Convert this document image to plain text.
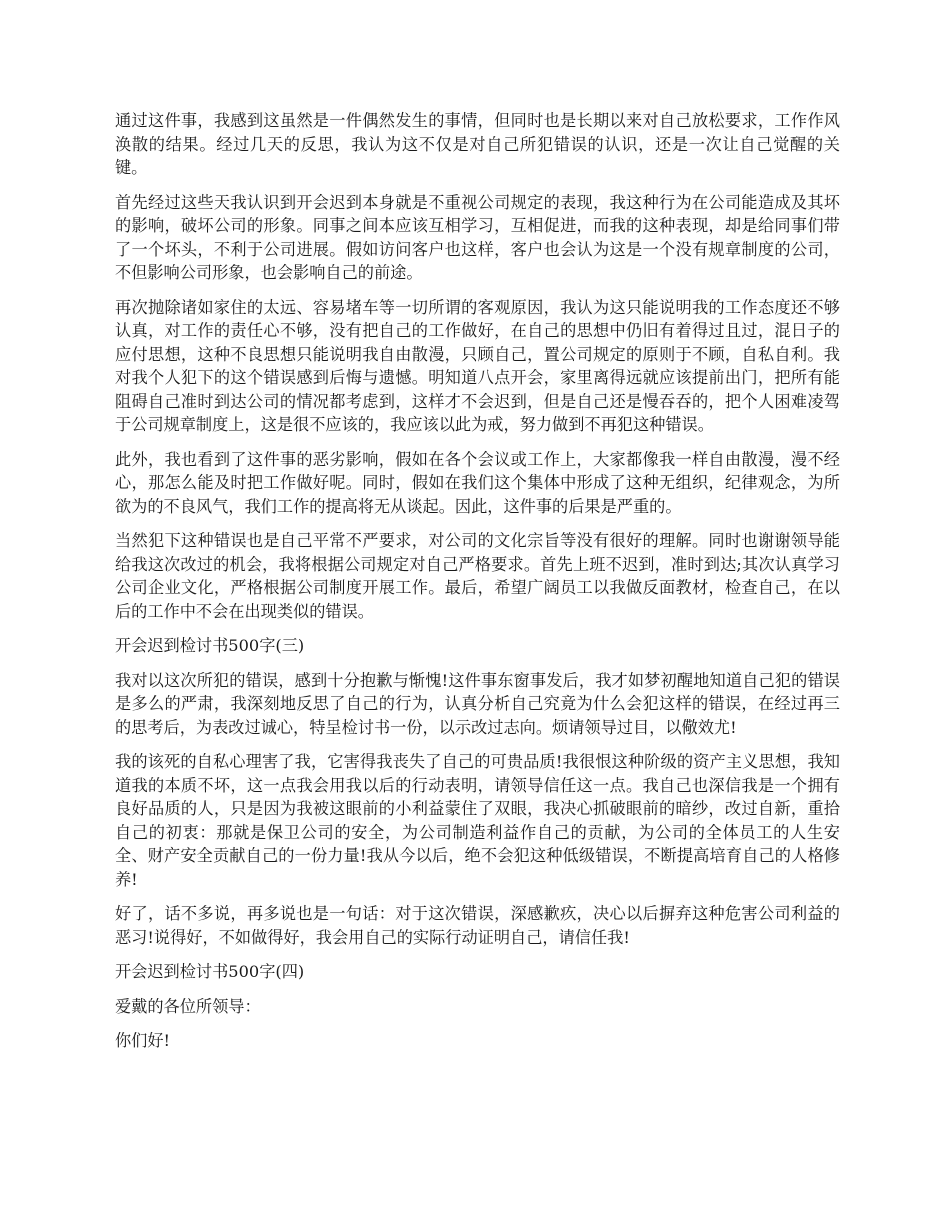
通过这件事，我感到这虽然是一件偶然发生的事情，但同时也是长期以来对自己放松要求，工作作风涣散的结果。经过几天的反思，我认为这不仅是对自己所犯错误的认识，还是一次让自己觉醒的关键。

首先经过这些天我认识到开会迟到本身就是不重视公司规定的表现，我这种行为在公司能造成及其坏的影响，破坏公司的形象。同事之间本应该互相学习，互相促进，而我的这种表现，却是给同事们带了一个坏头，不利于公司进展。假如访问客户也这样，客户也会认为这是一个没有规章制度的公司，不但影响公司形象，也会影响自己的前途。

再次抛除诸如家住的太远、容易堵车等一切所谓的客观原因，我认为这只能说明我的工作态度还不够认真，对工作的责任心不够，没有把自己的工作做好，在自己的思想中仍旧有着得过且过，混日子的应付思想，这种不良思想只能说明我自由散漫，只顾自己，置公司规定的原则于不顾，自私自利。我对我个人犯下的这个错误感到后悔与遗憾。明知道八点开会，家里离得远就应该提前出门，把所有能阻碍自己准时到达公司的情况都考虑到，这样才不会迟到，但是自己还是慢吞吞的，把个人困难凌驾于公司规章制度上，这是很不应该的，我应该以此为戒，努力做到不再犯这种错误。

此外，我也看到了这件事的恶劣影响，假如在各个会议或工作上，大家都像我一样自由散漫，漫不经心，那怎么能及时把工作做好呢。同时，假如在我们这个集体中形成了这种无组织，纪律观念，为所欲为的不良风气，我们工作的提高将无从谈起。因此，这件事的后果是严重的。

当然犯下这种错误也是自己平常不严要求，对公司的文化宗旨等没有很好的理解。同时也谢谢领导能给我这次改过的机会，我将根据公司规定对自己严格要求。首先上班不迟到，准时到达;其次认真学习公司企业文化，严格根据公司制度开展工作。最后，希望广阔员工以我做反面教材，检查自己，在以后的工作中不会在出现类似的错误。

开会迟到检讨书500字(三)

我对以这次所犯的错误，感到十分抱歉与惭愧!这件事东窗事发后，我才如梦初醒地知道自己犯的错误是多么的严肃，我深刻地反思了自己的行为，认真分析自己究竟为什么会犯这样的错误，在经过再三的思考后，为表改过诚心，特呈检讨书一份，以示改过志向。烦请领导过目，以儆效尤!

我的该死的自私心理害了我，它害得我丧失了自己的可贵品质!我很恨这种阶级的资产主义思想，我知道我的本质不坏，这一点我会用我以后的行动表明，请领导信任这一点。我自己也深信我是一个拥有良好品质的人，只是因为我被这眼前的小利益蒙住了双眼，我决心抓破眼前的暗纱，改过自新，重拾自己的初衷：那就是保卫公司的安全，为公司制造利益作自己的贡献，为公司的全体员工的人生安全、财产安全贡献自己的一份力量!我从今以后，绝不会犯这种低级错误，不断提高培育自己的人格修养!

好了，话不多说，再多说也是一句话：对于这次错误，深感歉疚，决心以后摒弃这种危害公司利益的恶习!说得好，不如做得好，我会用自己的实际行动证明自己，请信任我!

开会迟到检讨书500字(四)

爱戴的各位所领导：

你们好!
